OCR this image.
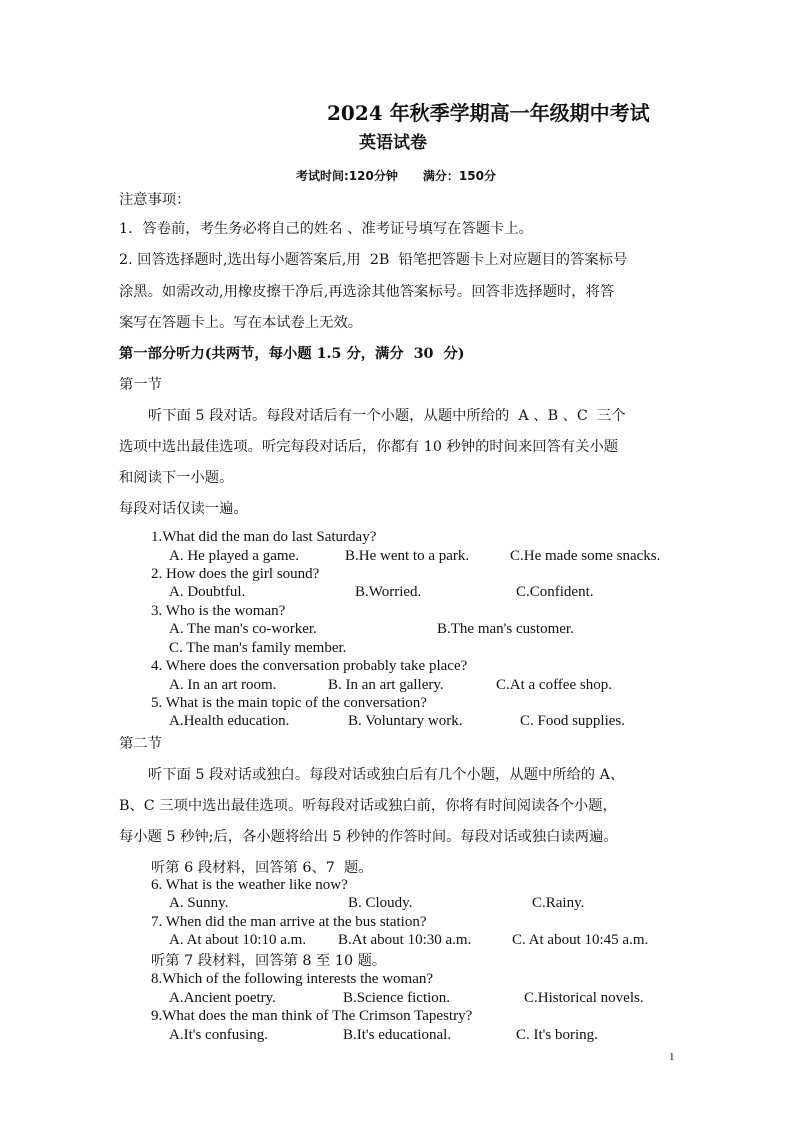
2024 年秋季学期高一年级期中考试
英语试卷
考试时间:120分钟      满分：150分
注意事项：
1．答卷前，考生务必将自己的姓名 、准考证号填写在答题卡上。
2. 回答选择题时,选出每小题答案后,用  2B  铅笔把答题卡上对应题目的答案标号
涂黑。如需改动,用橡皮擦干净后,再选涂其他答案标号。回答非选择题时，将答
案写在答题卡上。写在本试卷上无效。
第一部分听力(共两节，每小题 1.5 分，满分  30  分)
第一节
听下面 5 段对话。每段对话后有一个小题，从题中所给的  A 、B 、C  三个
选项中选出最佳选项。听完每段对话后，你都有 10 秒钟的时间来回答有关小题
和阅读下一小题。
每段对话仅读一遍。
1.What did the man do last Saturday?
A. He played a game.	B.He went to a park.	C.He made some snacks.
2. How does the girl sound?
A. Doubtful.	B.Worried.	C.Confident.
3. Who is the woman?
A. The man's co-worker.	B.The man's customer.
C. The man's family member.
4. Where does the conversation probably take place?
A. In an art room.	B. In an art gallery.	C.At a coffee shop.
5. What is the main topic of the conversation?
A.Health education.	B. Voluntary work.	C. Food supplies.
第二节
听下面 5 段对话或独白。每段对话或独白后有几个小题，从题中所给的 A、
B、C 三项中选出最佳选项。听每段对话或独白前，你将有时间阅读各个小题，
每小题 5 秒钟;后，各小题将给出 5 秒钟的作答时间。每段对话或独白读两遍。
听第 6 段材料，回答第 6、7  题。
6. What is the weather like now?
A. Sunny.	B. Cloudy.	C.Rainy.
7. When did the man arrive at the bus station?
A. At about 10:10 a.m. B.At about 10:30 a.m.	C. At about 10:45 a.m.
听第 7 段材料，回答第 8 至 10 题。
8.Which of the following interests the woman?
A.Ancient poetry.	B.Science fiction.	C.Historical novels.
9.What does the man think of The Crimson Tapestry?
A.It's confusing.	B.It's educational.	C. It's boring.
1
